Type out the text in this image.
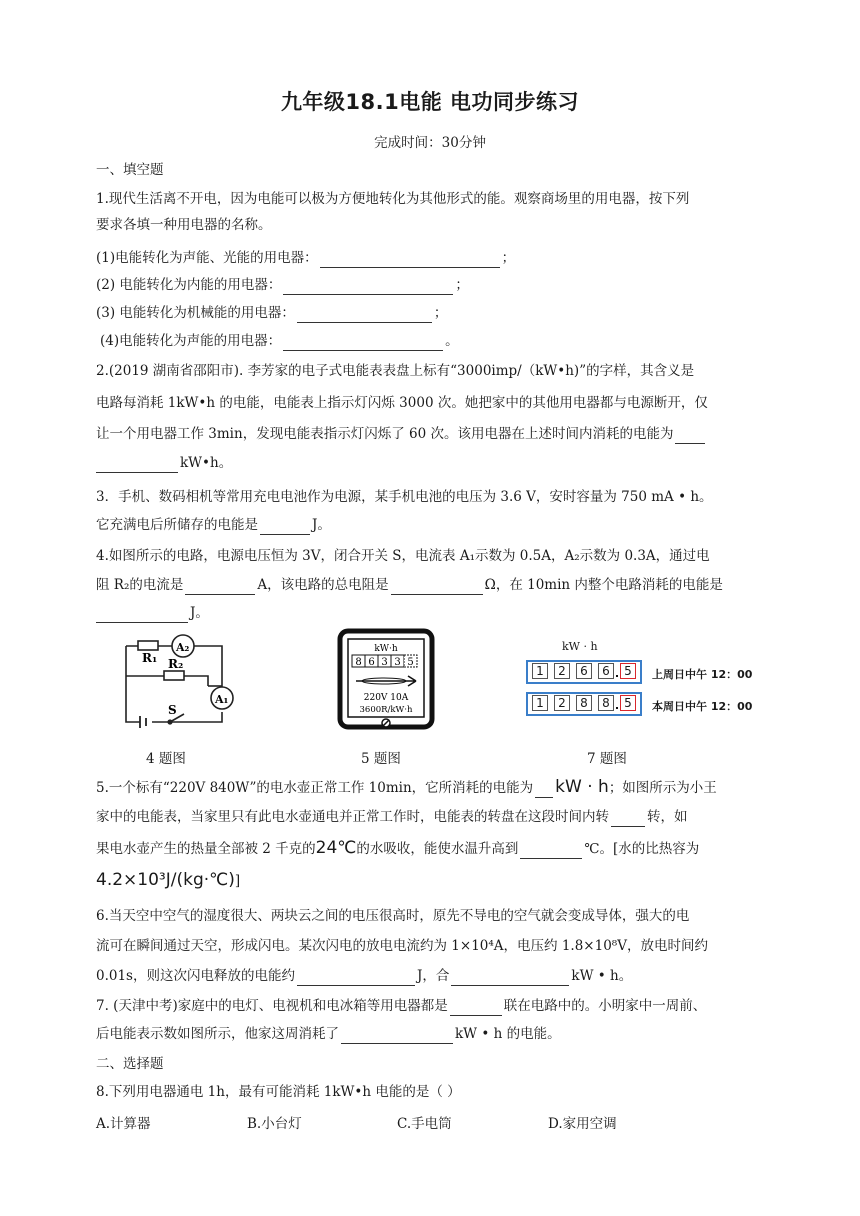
九年级18.1电能 电功同步练习
完成时间：30分钟
一、填空题
1.现代生活离不开电，因为电能可以极为方便地转化为其他形式的能。观察商场里的用电器，按下列
要求各填一种用电器的名称。
(1)电能转化为声能、光能的用电器：	；
(2) 电能转化为内能的用电器：	；
(3) 电能转化为机械能的用电器：	；
(4)电能转化为声能的用电器：	。
2.(2019 湖南省邵阳市). 李芳家的电子式电能表表盘上标有“3000imp/（kW•h)”的字样，其含义是
电路每消耗 1kW•h 的电能，电能表上指示灯闪烁 3000 次。她把家中的其他用电器都与电源断开，仅
让一个用电器工作 3min，发现电能表指示灯闪烁了 60 次。该用电器在上述时间内消耗的电能为
kW•h。
3．手机、数码相机等常用充电电池作为电源，某手机电池的电压为 3.6 V，安时容量为 750 mA • h。
它充满电后所储存的电能是	J。
4.如图所示的电路，电源电压恒为 3V，闭合开关 S，电流表 A₁示数为 0.5A，A₂示数为 0.3A，通过电
阻 R₂的电流是	A，该电路的总电阻是	Ω，在 10min 内整个电路消耗的电能是
J。
R₁ R₂
A₂
A₁
S
4 题图
kW·h
8 6 3 3 5
220V 10A
3600R/kW·h
5 题图
kW · h
1	2	6	6	5	上周日中午 12：00
1	2	8	8	5	本周日中午 12：00
7 题图
5.一个标有“220V 840W”的电水壶正常工作 10min，它所消耗的电能为 kW · h；如图所示为小王
家中的电能表，当家里只有此电水壶通电并正常工作时，电能表的转盘在这段时间内转	转，如
果电水壶产生的热量全部被 2 千克的24℃的水吸收，能使水温升高到	℃。[水的比热容为
4.2×10³J/(kg·℃)]
6.当天空中空气的湿度很大、两块云之间的电压很高时，原先不导电的空气就会变成导体，强大的电
流可在瞬间通过天空，形成闪电。某次闪电的放电电流约为 1×10⁴A，电压约 1.8×10⁸V，放电时间约
0.01s，则这次闪电释放的电能约	J，合	kW • h。
7. (天津中考)家庭中的电灯、电视机和电冰箱等用电器都是	联在电路中的。小明家中一周前、
后电能表示数如图所示，他家这周消耗了	kW • h 的电能。
二、选择题
8.下列用电器通电 1h，最有可能消耗 1kW•h 电能的是（ ）
A.计算器	B.小台灯	C.手电筒	D.家用空调
